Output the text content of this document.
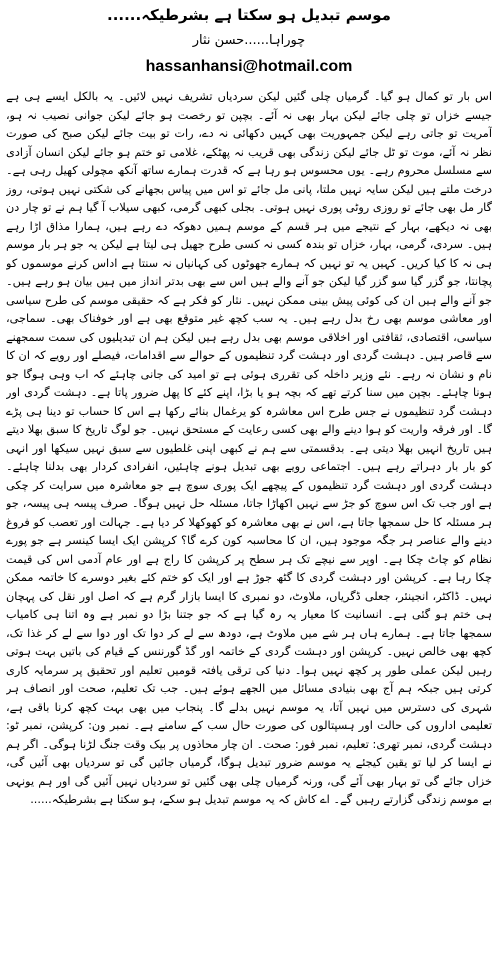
موسم تبدیل ہو سکتا ہے بشرطیکہ......
چوراہا......حسن نثار
hassanhansi@hotmail.com

اس بار تو کمال ہو گیا۔ گرمیاں چلی گئیں لیکن سردیاں تشریف نہیں لائیں۔ یہ بالکل ایسے ہی ہے جیسے خزاں تو چلی جائے لیکن بہار بھی نہ آئے۔ بچپن تو رخصت ہو جائے لیکن جوانی نصیب نہ ہو، آمریت تو جاتی رہے لیکن جمہوریت بھی کہیں دکھائی نہ دے، رات تو بیت جائے لیکن صبح کی صورت نظر نہ آئے، موت تو ٹل جائے لیکن زندگی بھی قریب نہ پھٹکے، غلامی تو ختم ہو جائے لیکن انسان آزادی سے مسلسل محروم رہے۔ یوں محسوس ہو رہا ہے کہ قدرت ہمارے ساتھ آنکھ مچولی کھیل رہی ہے۔ درخت ملتے ہیں لیکن سایہ نہیں ملتا، پانی مل جائے تو اس میں پیاس بجھانے کی شکتی نہیں ہوتی، روز گار مل بھی جائے تو روزی روٹی پوری نہیں ہوتی۔ بجلی کبھی گرمی، کبھی سیلاب آ گیا ہم نے تو چار دن بھی نہ دیکھے، بہار کے نتیجے میں ہر قسم کے موسم ہمیں دھوکہ دے رہے ہیں، ہمارا مذاق اڑا رہے ہیں۔ سردی، گرمی، بہار، خزاں تو بندہ کسی نہ کسی طرح جھیل ہی لیتا ہے لیکن یہ جو ہر بار موسم ہی نہ کا کیا کریں۔ کہیں یہ تو نہیں کہ ہمارے جھوٹوں کی کہانیاں نہ سنتا ہے اداس کرنے موسموں کو پچانتا، جو گزر گیا سو گزر گیا لیکن جو آنے والے ہیں اس سے بھی بدتر انداز میں ہیں بیان ہو رہے ہیں۔ جو آنے والے ہیں ان کی کوئی پیش بینی ممکن نہیں۔ نثار کو فکر ہے کہ حقیقی موسم کی طرح سیاسی اور معاشی موسم بھی رخ بدل رہے ہیں۔ یہ سب کچھ غیر متوقع بھی ہے اور خوفناک بھی۔ سماجی، سیاسی، اقتصادی، ثقافتی اور اخلاقی موسم بھی بدل رہے ہیں لیکن ہم ان تبدیلیوں کی سمت سمجھنے سے قاصر ہیں۔ دہشت گردی اور دہشت گرد تنظیموں کے حوالے سے اقدامات، فیصلے اور رویے کہ ان کا نام و نشان نہ رہے۔ نئے وزیر داخلہ کی تقرری ہوئی ہے تو امید کی جانی چاہئے کہ اب وہی ہوگا جو ہونا چاہئے۔ بچپن میں سنا کرتے تھے کہ بچہ ہو یا بڑا، اپنے کئے کا پھل ضرور پاتا ہے۔ دہشت گردی اور دہشت گرد تنظیموں نے جس طرح اس معاشرہ کو یرغمال بنائے رکھا ہے اس کا حساب تو دینا ہی پڑے گا۔ اور فرقہ واریت کو ہوا دینے والے بھی کسی رعایت کے مستحق نہیں۔ جو لوگ تاریخ کا سبق بھلا دیتے ہیں تاریخ انہیں بھلا دیتی ہے۔ بدقسمتی سے ہم نے کبھی اپنی غلطیوں سے سبق نہیں سیکھا اور انہی کو بار بار دہراتے رہے ہیں۔ اجتماعی رویے بھی تبدیل ہونے چاہئیں، انفرادی کردار بھی بدلنا چاہئے۔ دہشت گردی اور دہشت گرد تنظیموں کے پیچھے ایک پوری سوچ ہے جو معاشرہ میں سرایت کر چکی ہے اور جب تک اس سوچ کو جڑ سے نہیں اکھاڑا جاتا، مسئلہ حل نہیں ہوگا۔ صرف پیسہ ہی پیسہ، جو ہر مسئلہ کا حل سمجھا جاتا ہے، اس نے بھی معاشرہ کو کھوکھلا کر دیا ہے۔ جہالت اور تعصب کو فروغ دینے والے عناصر ہر جگہ موجود ہیں، ان کا محاسبہ کون کرے گا؟ کرپشن ایک ایسا کینسر ہے جو پورے نظام کو چاٹ چکا ہے۔ اوپر سے نیچے تک ہر سطح پر کرپشن کا راج ہے اور عام آدمی اس کی قیمت چکا رہا ہے۔ کرپشن اور دہشت گردی کا گٹھ جوڑ ہے اور ایک کو ختم کئے بغیر دوسرے کا خاتمہ ممکن نہیں۔ ڈاکٹر، انجینئر، جعلی ڈگریاں، ملاوٹ، دو نمبری کا ایسا بازار گرم ہے کہ اصل اور نقل کی پہچان ہی ختم ہو گئی ہے۔ انسانیت کا معیار یہ رہ گیا ہے کہ جو جتنا بڑا دو نمبر ہے وہ اتنا ہی کامیاب سمجھا جاتا ہے۔ ہمارے ہاں ہر شے میں ملاوٹ ہے، دودھ سے لے کر دوا تک اور دوا سے لے کر غذا تک، کچھ بھی خالص نہیں۔ کرپشن اور دہشت گردی کے خاتمہ اور گڈ گورننس کے قیام کی باتیں بہت ہوتی رہیں لیکن عملی طور پر کچھ نہیں ہوا۔ دنیا کی ترقی یافتہ قومیں تعلیم اور تحقیق پر سرمایہ کاری کرتی ہیں جبکہ ہم آج بھی بنیادی مسائل میں الجھے ہوئے ہیں۔ جب تک تعلیم، صحت اور انصاف ہر شہری کی دسترس میں نہیں آتا، یہ موسم نہیں بدلے گا۔ پنجاب میں بھی بہت کچھ کرنا باقی ہے، تعلیمی اداروں کی حالت اور ہسپتالوں کی صورت حال سب کے سامنے ہے۔ نمبر ون: کرپشن، نمبر ٹو: دہشت گردی، نمبر تھری: تعلیم، نمبر فور: صحت۔ ان چار محاذوں پر بیک وقت جنگ لڑنا ہوگی۔ اگر ہم نے ایسا کر لیا تو یقین کیجئے یہ موسم ضرور تبدیل ہوگا، گرمیاں جائیں گی تو سردیاں بھی آئیں گی، خزاں جائے گی تو بہار بھی آئے گی، ورنہ گرمیاں چلی بھی گئیں تو سردیاں نہیں آئیں گی اور ہم یونہی بے موسم زندگی گزارتے رہیں گے۔ اے کاش کہ یہ موسم تبدیل ہو سکے، ہو سکتا ہے بشرطیکہ......
